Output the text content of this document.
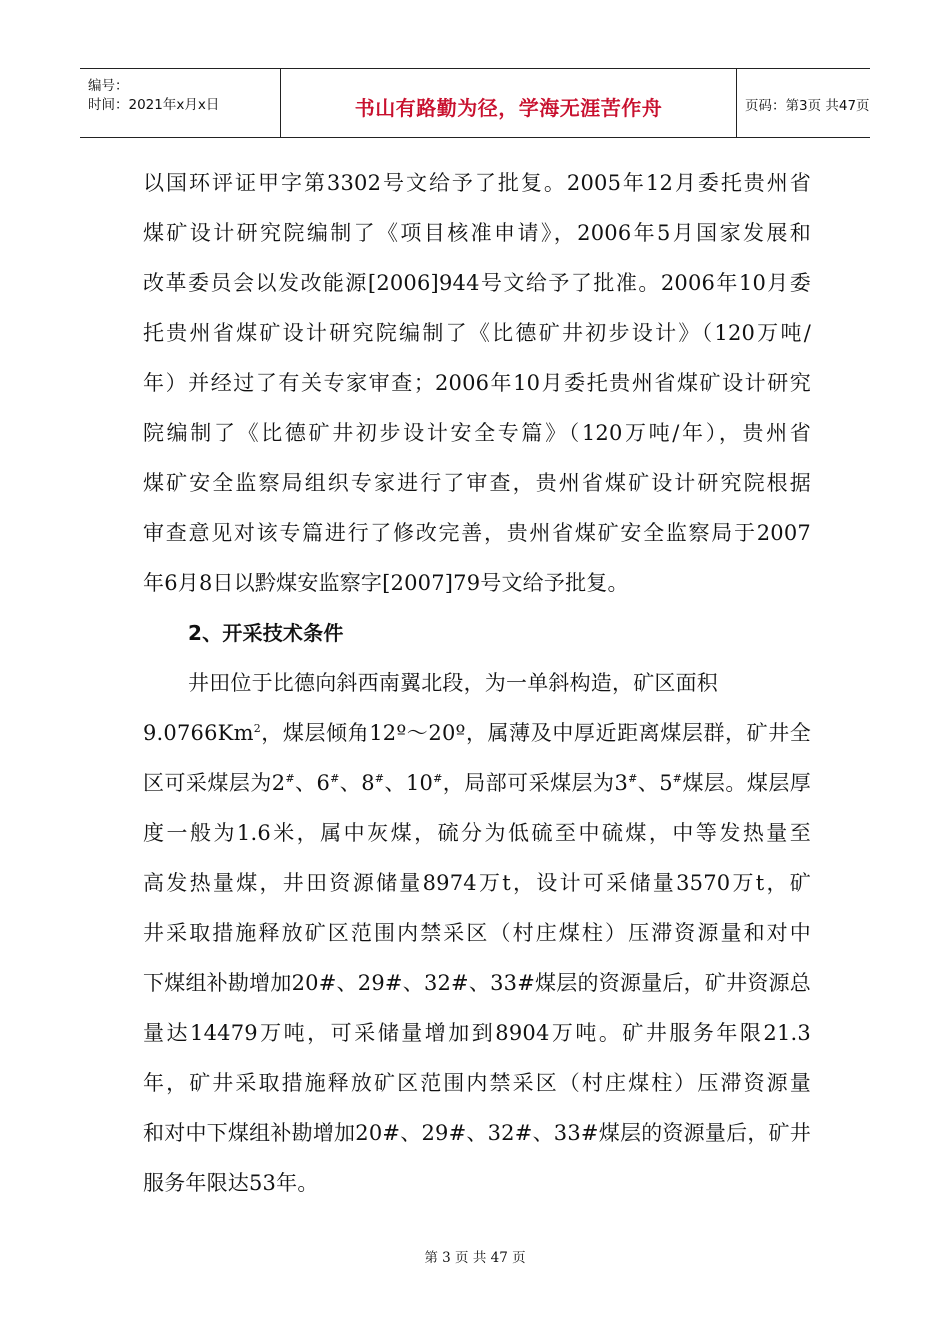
编号：
时间：2021年x月x日	书山有路勤为径，学海无涯苦作舟	页码：第3页 共47页
以国环评证甲字第3302号文给予了批复。2005年12月委托贵州省
煤矿设计研究院编制了《项目核准申请》，2006年5月国家发展和
改革委员会以发改能源[2006]944号文给予了批准。2006年10月委
托贵州省煤矿设计研究院编制了《比德矿井初步设计》（120万吨/
年）并经过了有关专家审查；2006年10月委托贵州省煤矿设计研究
院编制了《比德矿井初步设计安全专篇》（120万吨/年），贵州省
煤矿安全监察局组织专家进行了审查，贵州省煤矿设计研究院根据
审查意见对该专篇进行了修改完善，贵州省煤矿安全监察局于2007
年6月8日以黔煤安监察字[2007]79号文给予批复。
2、开采技术条件
井田位于比德向斜西南翼北段，为一单斜构造，矿区面积
9.0766Km$^2$，煤层倾角12º～20º，属薄及中厚近距离煤层群，矿井全
区可采煤层为2#、6#、8#、10#，局部可采煤层为3#、5#煤层。煤层厚
度一般为1.6米，属中灰煤，硫分为低硫至中硫煤，中等发热量至
高发热量煤，井田资源储量8974万t，设计可采储量3570万t，矿
井采取措施释放矿区范围内禁采区（村庄煤柱）压滞资源量和对中
下煤组补勘增加20#、29#、32#、33#煤层的资源量后，矿井资源总
量达14479万吨，可采储量增加到8904万吨。矿井服务年限21.3
年，矿井采取措施释放矿区范围内禁采区（村庄煤柱）压滞资源量
和对中下煤组补勘增加20#、29#、32#、33#煤层的资源量后，矿井
服务年限达53年。
第 3 页 共 47 页
